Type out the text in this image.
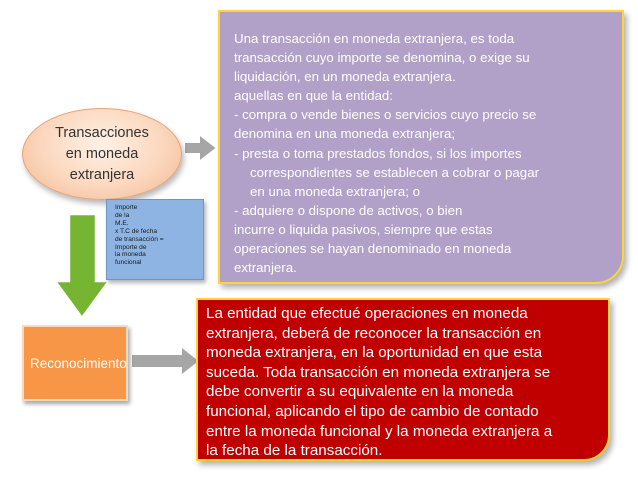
Transacciones
en moneda
extranjera
Una transacción en moneda extranjera, es toda
transacción cuyo importe se denomina, o exige su
liquidación, en un moneda extranjera.
aquellas en que la entidad:
- compra o vende bienes o servicios cuyo precio se
denomina en una moneda extranjera;
- presta o toma prestados fondos, si los importes
correspondientes se establecen a cobrar o pagar
en una moneda extranjera; o
- adquiere o dispone de activos, o bien
incurre o liquida pasivos, siempre que estas
operaciones se hayan denominado en moneda
extranjera.
Importe
de la
M.E.
x T.C de fecha
de transacción =
Importe de
la moneda
funcional
Reconocimiento
La entidad que efectué operaciones en moneda
extranjera, deberá de reconocer la transacción en
moneda extranjera, en la oportunidad en que esta
suceda. Toda transacción en moneda extranjera se
debe convertir a su equivalente en la moneda
funcional, aplicando el tipo de cambio de contado
entre la moneda funcional y la moneda extranjera a
la fecha de la transacción.
